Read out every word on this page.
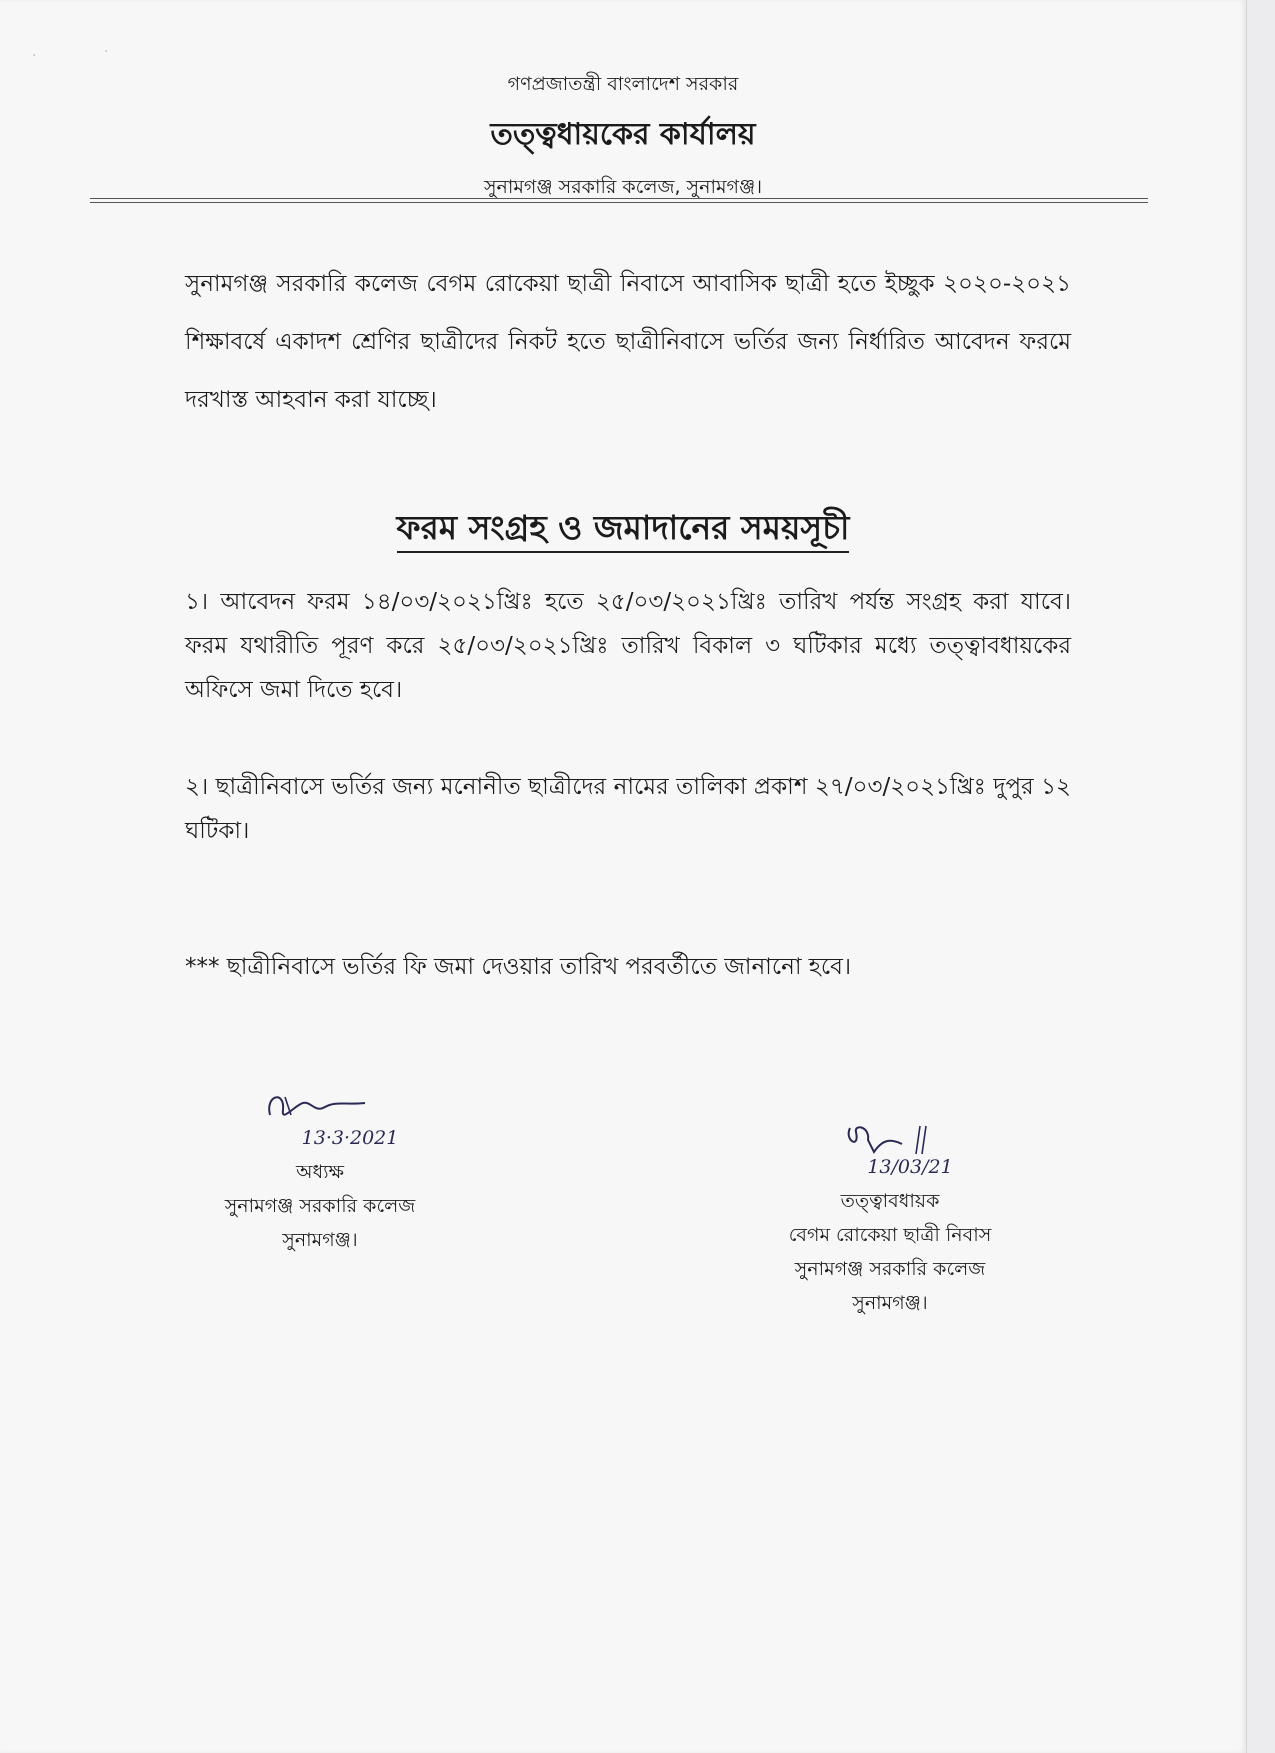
গণপ্রজাতন্ত্রী বাংলাদেশ সরকার
তত্ত্বধায়কের কার্যালয়
সুনামগঞ্জ সরকারি কলেজ, সুনামগঞ্জ।
সুনামগঞ্জ সরকারি কলেজ বেগম রোকেয়া ছাত্রী নিবাসে আবাসিক ছাত্রী হতে ইচ্ছুক ২০২০-২০২১ শিক্ষাবর্ষে একাদশ শ্রেণির ছাত্রীদের নিকট হতে ছাত্রীনিবাসে ভর্তির জন্য নির্ধারিত আবেদন ফরমে দরখাস্ত আহবান করা যাচ্ছে।
ফরম সংগ্রহ ও জমাদানের সময়সূচী
১। আবেদন ফরম ১৪/০৩/২০২১খ্রিঃ হতে ২৫/০৩/২০২১খ্রিঃ তারিখ পর্যন্ত সংগ্রহ করা যাবে। ফরম যথারীতি পূরণ করে ২৫/০৩/২০২১খ্রিঃ তারিখ বিকাল ৩ ঘটিকার মধ্যে তত্ত্বাবধায়কের অফিসে জমা দিতে হবে।
২। ছাত্রীনিবাসে ভর্তির জন্য মনোনীত ছাত্রীদের নামের তালিকা প্রকাশ ২৭/০৩/২০২১খ্রিঃ দুপুর ১২ ঘটিকা।
*** ছাত্রীনিবাসে ভর্তির ফি জমা দেওয়ার তারিখ পরবর্তীতে জানানো হবে।
13·3·2021
অধ্যক্ষ
সুনামগঞ্জ সরকারি কলেজ
সুনামগঞ্জ।
13/03/21
তত্ত্বাবধায়ক
বেগম রোকেয়া ছাত্রী নিবাস
সুনামগঞ্জ সরকারি কলেজ
সুনামগঞ্জ।
·	·
